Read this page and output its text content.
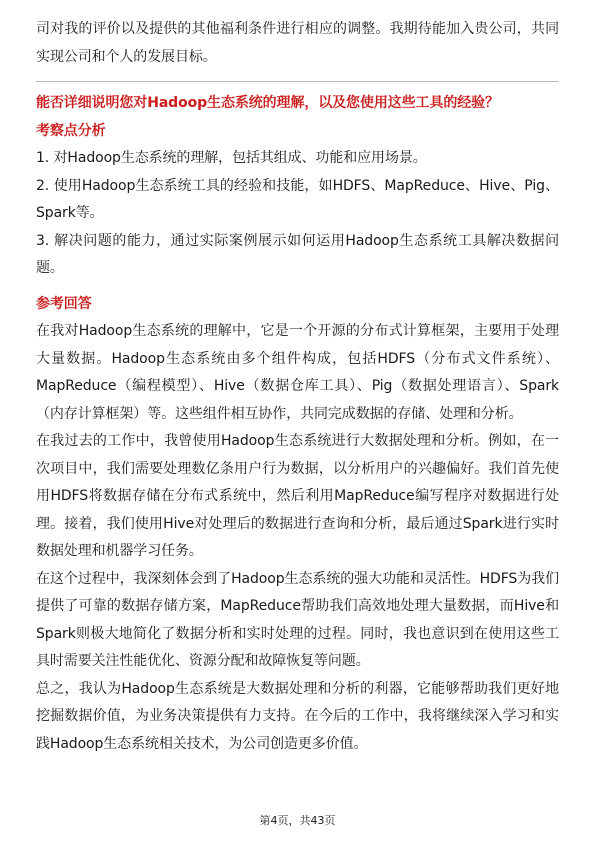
司对我的评价以及提供的其他福利条件进行相应的调整。我期待能加入贵公司，共同实现公司和个人的发展目标。

能否详细说明您对Hadoop生态系统的理解，以及您使用这些工具的经验？

考察点分析

1. 对Hadoop生态系统的理解，包括其组成、功能和应用场景。

2. 使用Hadoop生态系统工具的经验和技能，如HDFS、MapReduce、Hive、Pig、Spark等。

3. 解决问题的能力，通过实际案例展示如何运用Hadoop生态系统工具解决数据问题。

参考回答

在我对Hadoop生态系统的理解中，它是一个开源的分布式计算框架，主要用于处理大量数据。Hadoop生态系统由多个组件构成，包括HDFS（分布式文件系统）、MapReduce（编程模型）、Hive（数据仓库工具）、Pig（数据处理语言）、Spark（内存计算框架）等。这些组件相互协作，共同完成数据的存储、处理和分析。

在我过去的工作中，我曾使用Hadoop生态系统进行大数据处理和分析。例如，在一次项目中，我们需要处理数亿条用户行为数据，以分析用户的兴趣偏好。我们首先使用HDFS将数据存储在分布式系统中，然后利用MapReduce编写程序对数据进行处理。接着，我们使用Hive对处理后的数据进行查询和分析，最后通过Spark进行实时数据处理和机器学习任务。

在这个过程中，我深刻体会到了Hadoop生态系统的强大功能和灵活性。HDFS为我们提供了可靠的数据存储方案，MapReduce帮助我们高效地处理大量数据，而Hive和Spark则极大地简化了数据分析和实时处理的过程。同时，我也意识到在使用这些工具时需要关注性能优化、资源分配和故障恢复等问题。

总之，我认为Hadoop生态系统是大数据处理和分析的利器，它能够帮助我们更好地挖掘数据价值，为业务决策提供有力支持。在今后的工作中，我将继续深入学习和实践Hadoop生态系统相关技术，为公司创造更多价值。

第4页，共43页
